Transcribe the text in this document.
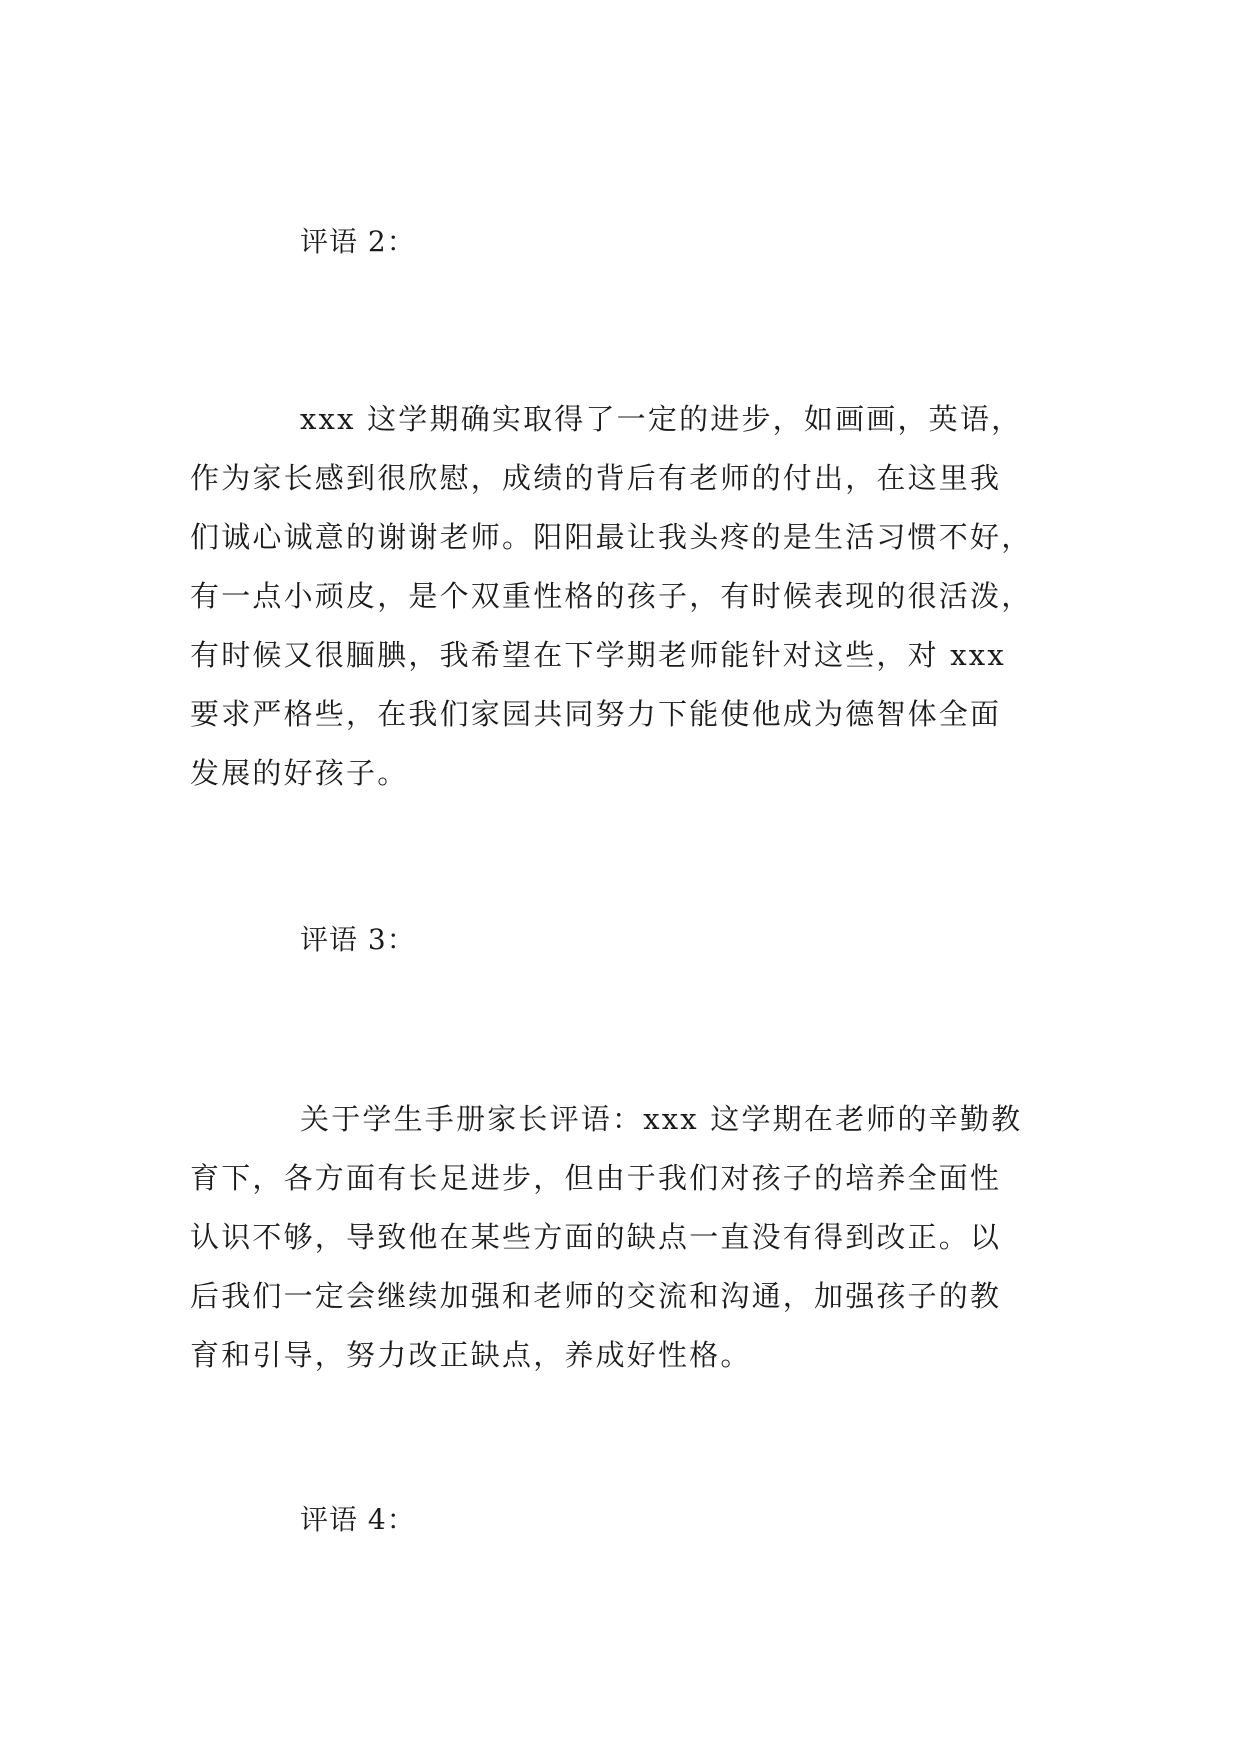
评语 2：
xxx 这学期确实取得了一定的进步，如画画，英语，
作为家长感到很欣慰，成绩的背后有老师的付出，在这里我
们诚心诚意的谢谢老师。阳阳最让我头疼的是生活习惯不好，
有一点小顽皮，是个双重性格的孩子，有时候表现的很活泼，
有时候又很腼腆，我希望在下学期老师能针对这些，对 xxx
要求严格些，在我们家园共同努力下能使他成为德智体全面
发展的好孩子。
评语 3：
关于学生手册家长评语：xxx 这学期在老师的辛勤教
育下，各方面有长足进步，但由于我们对孩子的培养全面性
认识不够，导致他在某些方面的缺点一直没有得到改正。以
后我们一定会继续加强和老师的交流和沟通，加强孩子的教
育和引导，努力改正缺点，养成好性格。
评语 4：
